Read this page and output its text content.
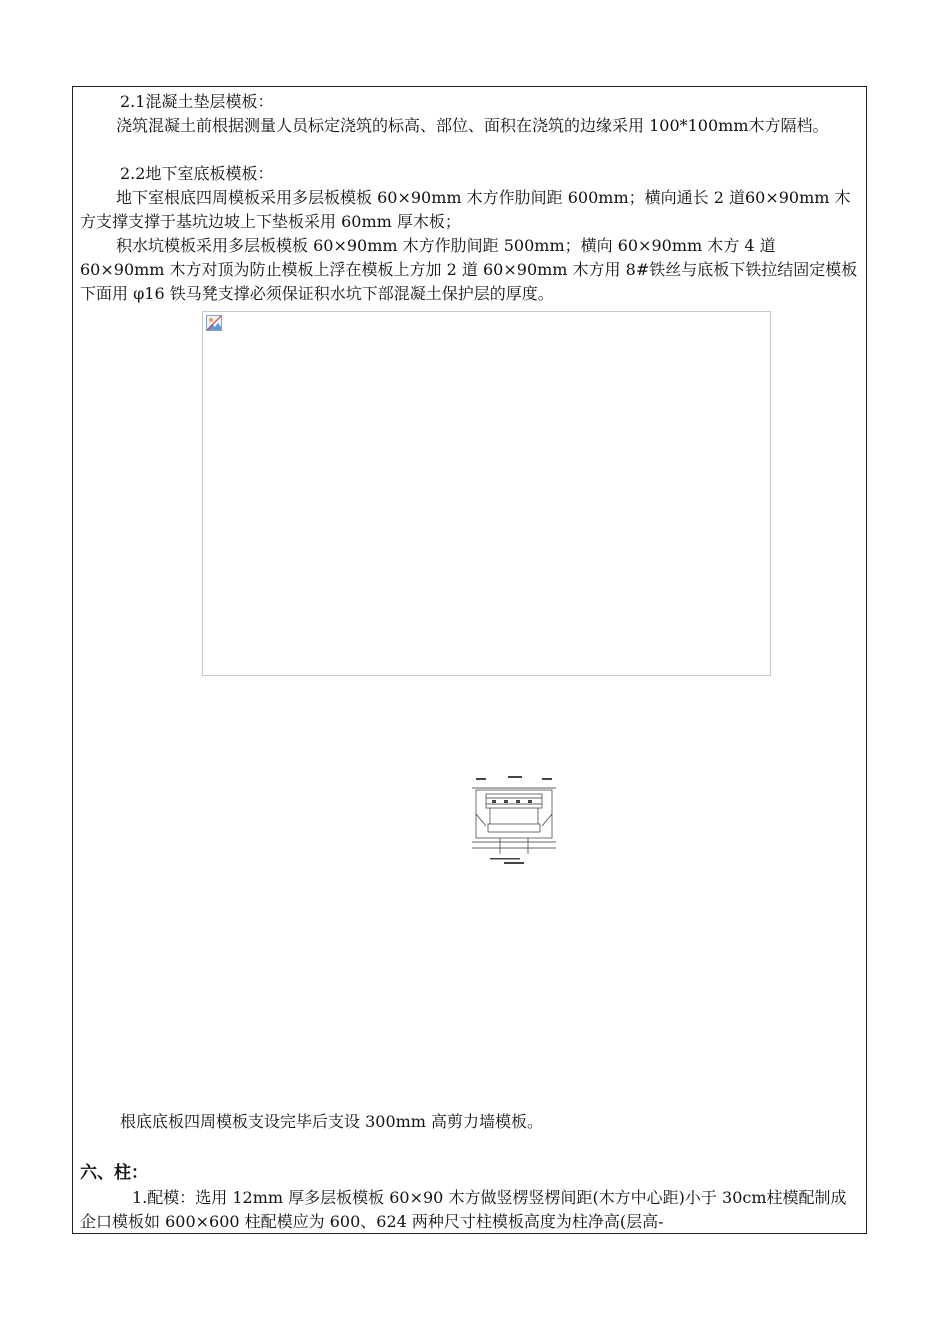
2.1混凝土垫层模板：

浇筑混凝土前根据测量人员标定浇筑的标高、部位、面积在浇筑的边缘采用 100*100mm木方隔档。

2.2地下室底板模板：

地下室根底四周模板采用多层板模板 60×90mm 木方作肋间距 600mm；横向通长 2 道60×90mm 木方支撑支撑于基坑边坡上下垫板采用 60mm 厚木板；

积水坑模板采用多层板模板 60×90mm 木方作肋间距 500mm；横向 60×90mm 木方 4 道60×90mm 木方对顶为防止模板上浮在模板上方加 2 道 60×90mm 木方用 8#铁丝与底板下铁拉结固定模板下面用 φ16 铁马凳支撑必须保证积水坑下部混凝土保护层的厚度。

根底底板四周模板支设完毕后支设 300mm 高剪力墙模板。

六、柱：

1.配模：选用 12mm 厚多层板模板 60×90 木方做竖楞竖楞间距(木方中心距)小于 30cm柱模配制成企口模板如 600×600 柱配模应为 600、624 两种尺寸柱模板高度为柱净高(层高-
